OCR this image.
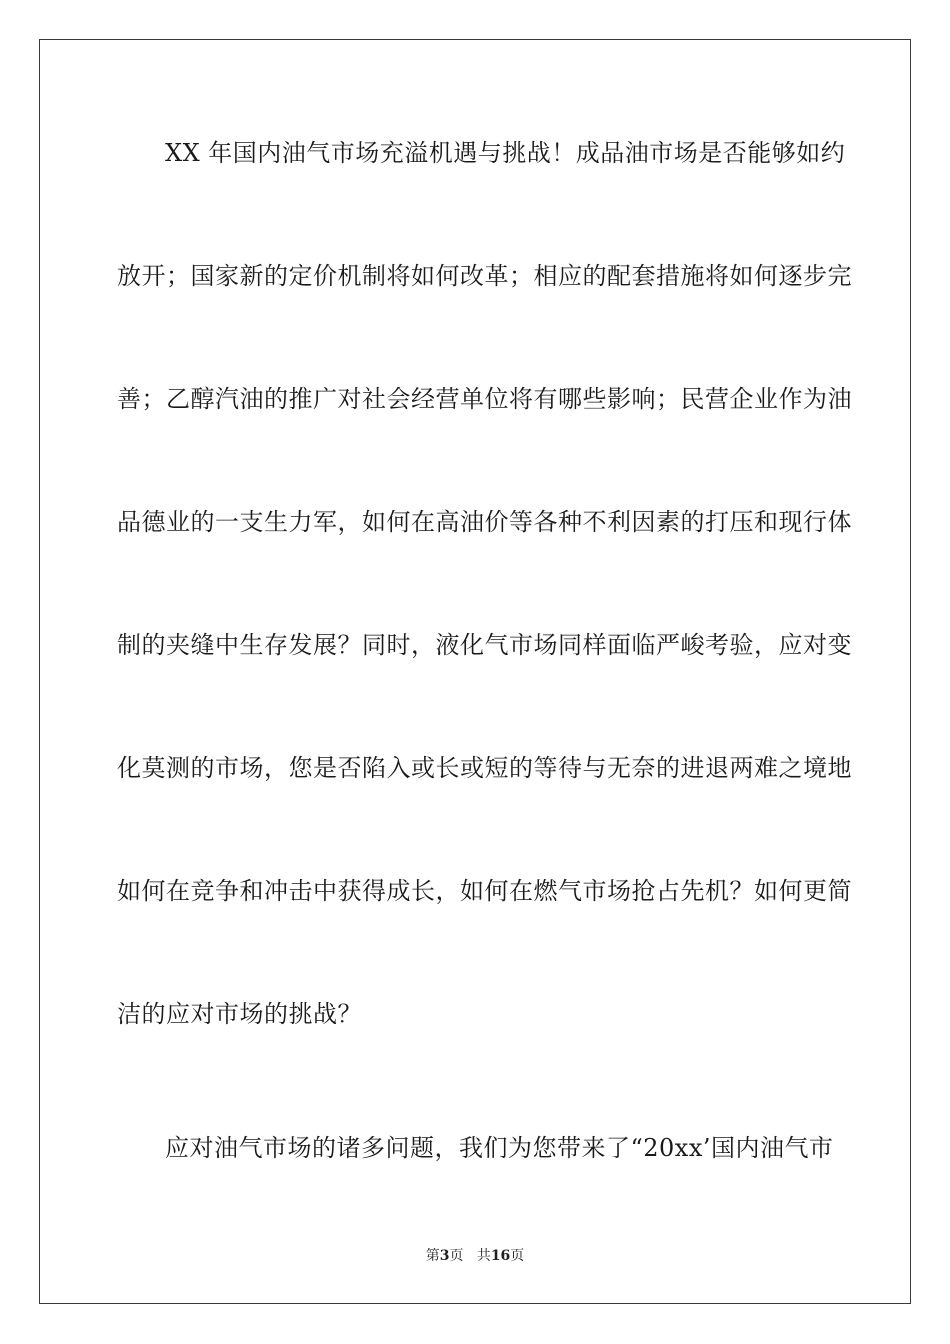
XX 年国内油气市场充溢机遇与挑战！成品油市场是否能够如约
放开；国家新的定价机制将如何改革；相应的配套措施将如何逐步完
善；乙醇汽油的推广对社会经营单位将有哪些影响；民营企业作为油
品德业的一支生力军，如何在高油价等各种不利因素的打压和现行体
制的夹缝中生存发展？同时，液化气市场同样面临严峻考验，应对变
化莫测的市场，您是否陷入或长或短的等待与无奈的进退两难之境地
如何在竞争和冲击中获得成长，如何在燃气市场抢占先机？如何更简
洁的应对市场的挑战？
应对油气市场的诸多问题，我们为您带来了“20xx’国内油气市
第3页 共16页
